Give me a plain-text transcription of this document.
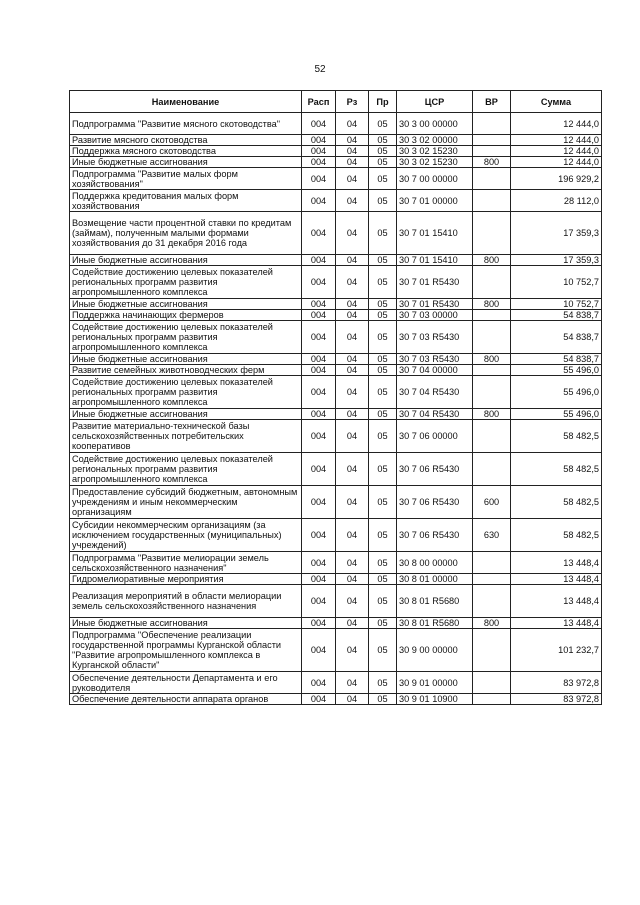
52
Наименование	Расп	Рз	Пр	ЦСР	ВР	Сумма
Подпрограмма "Развитие мясного скотоводства"	004	04	05	30 3 00 00000		12 444,0
Развитие мясного скотоводства	004	04	05	30 3 02 00000		12 444,0
Поддержка мясного скотоводства	004	04	05	30 3 02 15230		12 444,0
Иные бюджетные ассигнования	004	04	05	30 3 02 15230	800	12 444,0
Подпрограмма "Развитие малых форм хозяйствования"	004	04	05	30 7 00 00000		196 929,2
Поддержка кредитования малых форм хозяйствования	004	04	05	30 7 01 00000		28 112,0
Возмещение части процентной ставки по кредитам (займам), полученным малыми формами хозяйствования до 31 декабря 2016 года	004	04	05	30 7 01 15410		17 359,3
Иные бюджетные ассигнования	004	04	05	30 7 01 15410	800	17 359,3
Содействие достижению целевых показателей региональных программ развития агропромышленного комплекса	004	04	05	30 7 01 R5430		10 752,7
Иные бюджетные ассигнования	004	04	05	30 7 01 R5430	800	10 752,7
Поддержка начинающих фермеров	004	04	05	30 7 03 00000		54 838,7
Содействие достижению целевых показателей региональных программ развития агропромышленного комплекса	004	04	05	30 7 03 R5430		54 838,7
Иные бюджетные ассигнования	004	04	05	30 7 03 R5430	800	54 838,7
Развитие семейных животноводческих ферм	004	04	05	30 7 04 00000		55 496,0
Содействие достижению целевых показателей региональных программ развития агропромышленного комплекса	004	04	05	30 7 04 R5430		55 496,0
Иные бюджетные ассигнования	004	04	05	30 7 04 R5430	800	55 496,0
Развитие материально-технической базы сельскохозяйственных потребительских кооперативов	004	04	05	30 7 06 00000		58 482,5
Содействие достижению целевых показателей региональных программ развития агропромышленного комплекса	004	04	05	30 7 06 R5430		58 482,5
Предоставление субсидий бюджетным, автономным учреждениям и иным некоммерческим организациям	004	04	05	30 7 06 R5430	600	58 482,5
Субсидии некоммерческим организациям (за исключением государственных (муниципальных) учреждений)	004	04	05	30 7 06 R5430	630	58 482,5
Подпрограмма "Развитие мелиорации земель сельскохозяйственного назначения"	004	04	05	30 8 00 00000		13 448,4
Гидромелиоративные мероприятия	004	04	05	30 8 01 00000		13 448,4
Реализация мероприятий в области мелиорации земель сельскохозяйственного назначения	004	04	05	30 8 01 R5680		13 448,4
Иные бюджетные ассигнования	004	04	05	30 8 01 R5680	800	13 448,4
Подпрограмма "Обеспечение реализации государственной программы Курганской области "Развитие агропромышленного комплекса в Курганской области"	004	04	05	30 9 00 00000		101 232,7
Обеспечение деятельности Департамента и его руководителя	004	04	05	30 9 01 00000		83 972,8
Обеспечение деятельности аппарата органов	004	04	05	30 9 01 10900		83 972,8
